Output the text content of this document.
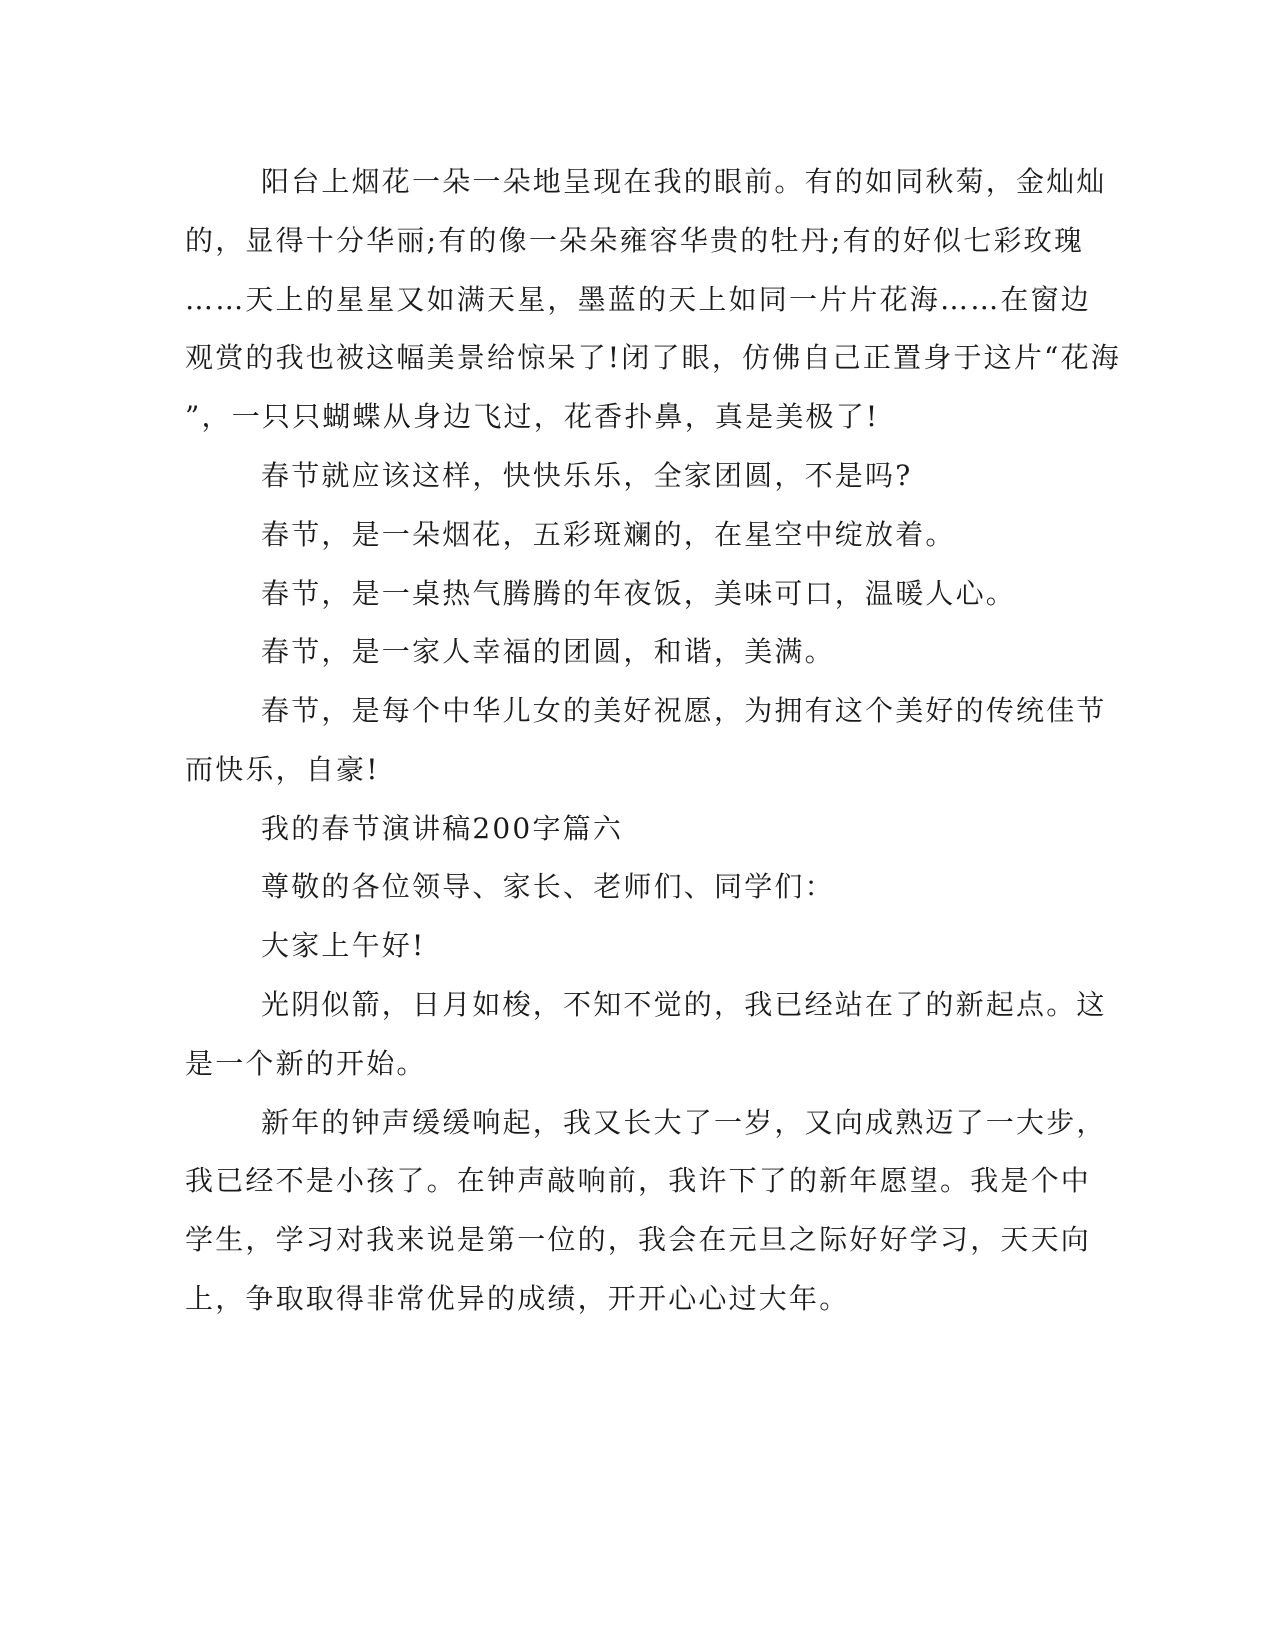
阳台上烟花一朵一朵地呈现在我的眼前。有的如同秋菊，金灿灿
的，显得十分华丽;有的像一朵朵雍容华贵的牡丹;有的好似七彩玫瑰
……天上的星星又如满天星，墨蓝的天上如同一片片花海……在窗边
观赏的我也被这幅美景给惊呆了!闭了眼，仿佛自己正置身于这片“花海
”，一只只蝴蝶从身边飞过，花香扑鼻，真是美极了!
春节就应该这样，快快乐乐，全家团圆，不是吗?
春节，是一朵烟花，五彩斑斓的，在星空中绽放着。
春节，是一桌热气腾腾的年夜饭，美味可口，温暖人心。
春节，是一家人幸福的团圆，和谐，美满。
春节，是每个中华儿女的美好祝愿，为拥有这个美好的传统佳节
而快乐，自豪!
我的春节演讲稿200字篇六
尊敬的各位领导、家长、老师们、同学们：
大家上午好!
光阴似箭，日月如梭，不知不觉的，我已经站在了的新起点。这
是一个新的开始。
新年的钟声缓缓响起，我又长大了一岁，又向成熟迈了一大步，
我已经不是小孩了。在钟声敲响前，我许下了的新年愿望。我是个中
学生，学习对我来说是第一位的，我会在元旦之际好好学习，天天向
上，争取取得非常优异的成绩，开开心心过大年。
